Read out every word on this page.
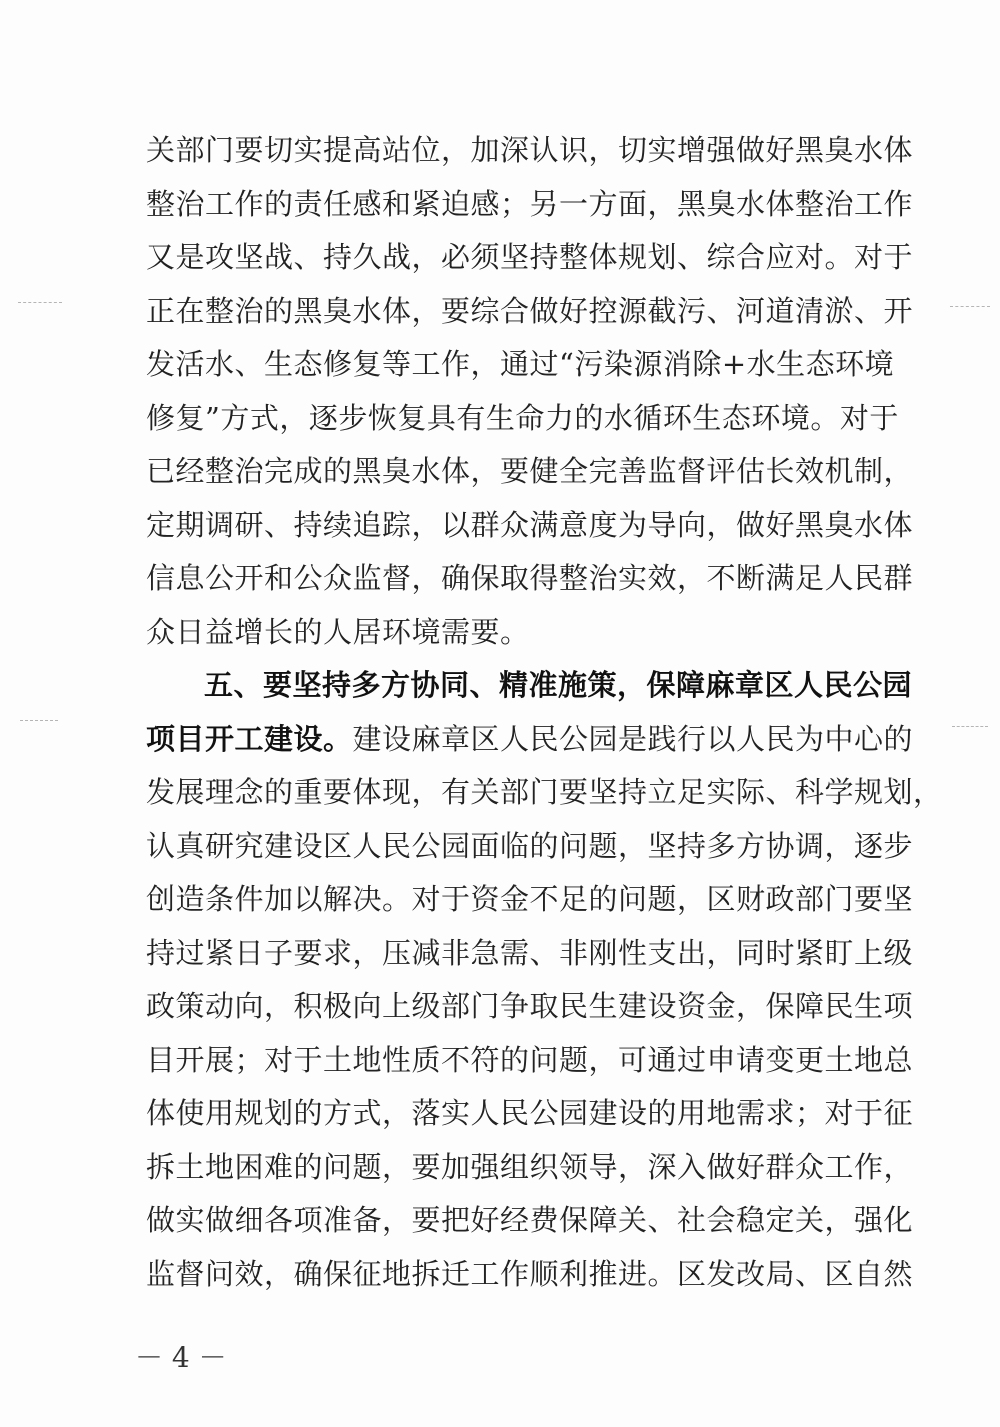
关部门要切实提高站位，加深认识，切实增强做好黑臭水体
整治工作的责任感和紧迫感；另一方面，黑臭水体整治工作
又是攻坚战、持久战，必须坚持整体规划、综合应对。对于
正在整治的黑臭水体，要综合做好控源截污、河道清淤、开
发活水、生态修复等工作，通过“污染源消除+水生态环境
修复”方式，逐步恢复具有生命力的水循环生态环境。对于
已经整治完成的黑臭水体，要健全完善监督评估长效机制，
定期调研、持续追踪，以群众满意度为导向，做好黑臭水体
信息公开和公众监督，确保取得整治实效，不断满足人民群
众日益增长的人居环境需要。
五、要坚持多方协同、精准施策，保障麻章区人民公园
项目开工建设。建设麻章区人民公园是践行以人民为中心的
发展理念的重要体现，有关部门要坚持立足实际、科学规划，
认真研究建设区人民公园面临的问题，坚持多方协调，逐步
创造条件加以解决。对于资金不足的问题，区财政部门要坚
持过紧日子要求，压减非急需、非刚性支出，同时紧盯上级
政策动向，积极向上级部门争取民生建设资金，保障民生项
目开展；对于土地性质不符的问题，可通过申请变更土地总
体使用规划的方式，落实人民公园建设的用地需求；对于征
拆土地困难的问题，要加强组织领导，深入做好群众工作，
做实做细各项准备，要把好经费保障关、社会稳定关，强化
监督问效，确保征地拆迁工作顺利推进。区发改局、区自然
－ 4 －
